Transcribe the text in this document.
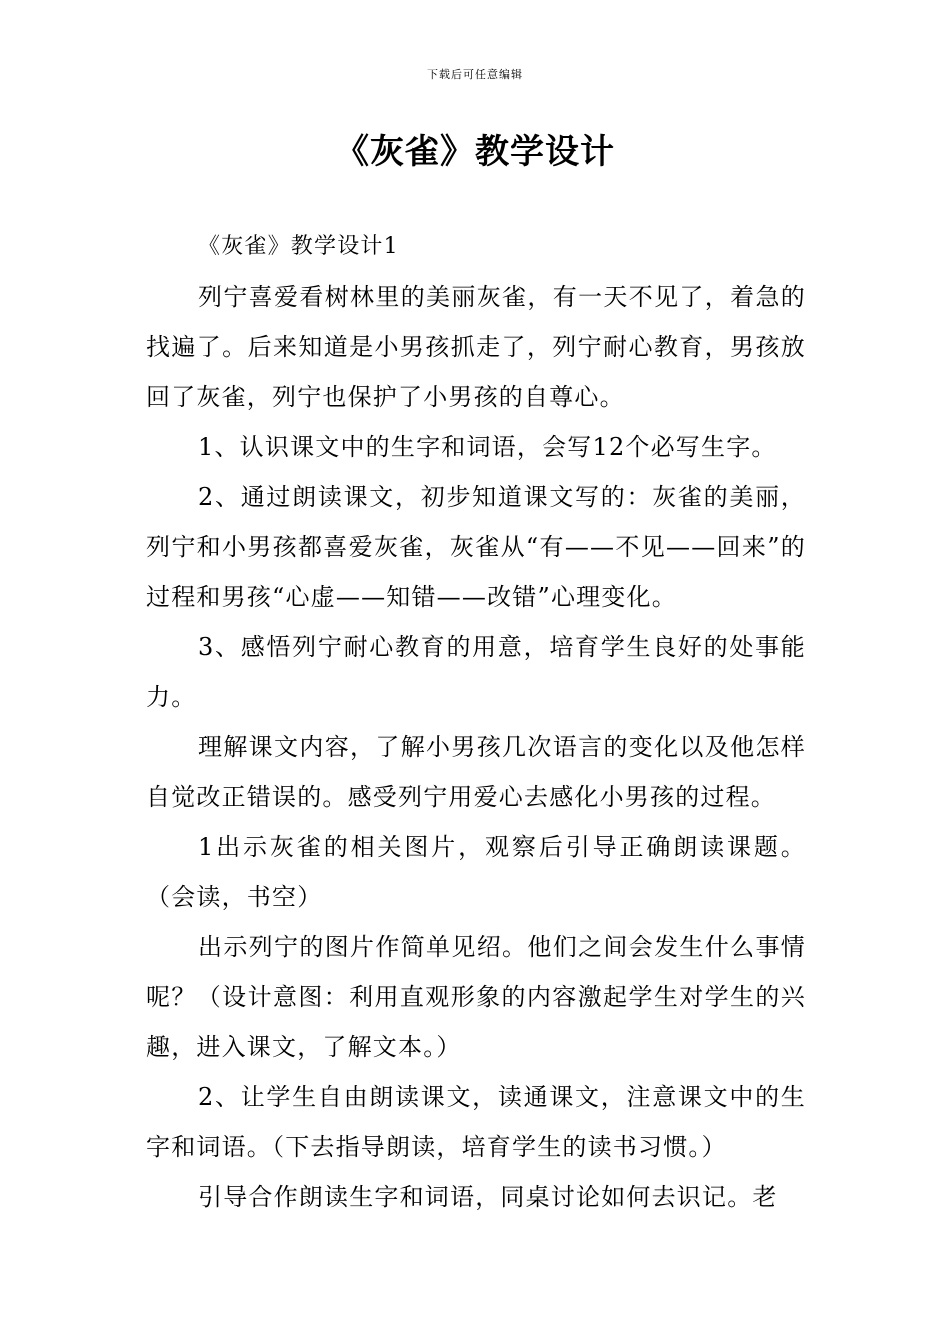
下载后可任意编辑
《灰雀》教学设计

《灰雀》教学设计1

列宁喜爱看树林里的美丽灰雀，有一天不见了，着急的找遍了。后来知道是小男孩抓走了，列宁耐心教育，男孩放回了灰雀，列宁也保护了小男孩的自尊心。

1、认识课文中的生字和词语，会写12个必写生字。

2、通过朗读课文，初步知道课文写的：灰雀的美丽，列宁和小男孩都喜爱灰雀，灰雀从“有——不见——回来”的过程和男孩“心虚——知错——改错”心理变化。

3、感悟列宁耐心教育的用意，培育学生良好的处事能力。

理解课文内容，了解小男孩几次语言的变化以及他怎样自觉改正错误的。感受列宁用爱心去感化小男孩的过程。

1出示灰雀的相关图片，观察后引导正确朗读课题。（会读，书空）

出示列宁的图片作简单见绍。他们之间会发生什么事情呢？（设计意图：利用直观形象的内容激起学生对学生的兴趣，进入课文，了解文本。）

2、让学生自由朗读课文，读通课文，注意课文中的生字和词语。（下去指导朗读，培育学生的读书习惯。）

引导合作朗读生字和词语，同桌讨论如何去识记。老
